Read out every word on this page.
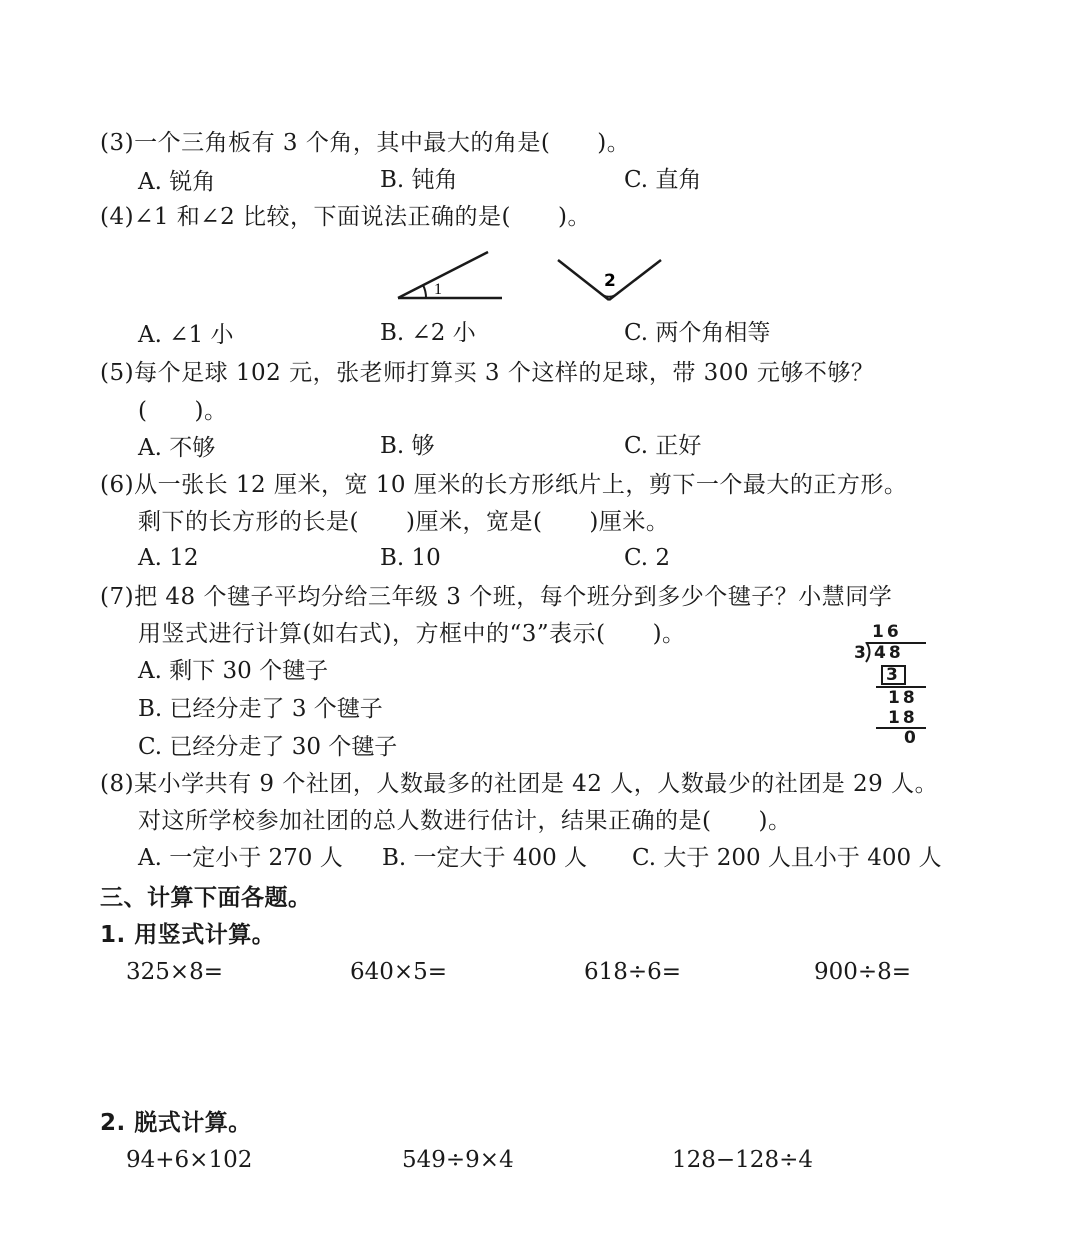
(3)一个三角板有 3 个角，其中最大的角是(　　)。
A. 锐角	B. 钝角	C. 直角
(4)∠1 和∠2 比较，下面说法正确的是(　　)。
1	2
A. ∠1 小	B. ∠2 小	C. 两个角相等
(5)每个足球 102 元，张老师打算买 3 个这样的足球，带 300 元够不够？
(　　)。
A. 不够	B. 够	C. 正好
(6)从一张长 12 厘米，宽 10 厘米的长方形纸片上，剪下一个最大的正方形。
剩下的长方形的长是(　　)厘米，宽是(　　)厘米。
A. 12	B. 10	C. 2
(7)把 48 个毽子平均分给三年级 3 个班，每个班分到多少个毽子？小慧同学
用竖式进行计算(如右式)，方框中的“3”表示(　　)。
A. 剩下 30 个毽子
B. 已经分走了 3 个毽子
C. 已经分走了 30 个毽子
16
3 48
3
18
18
0
(8)某小学共有 9 个社团，人数最多的社团是 42 人，人数最少的社团是 29 人。
对这所学校参加社团的总人数进行估计，结果正确的是(　　)。
A. 一定小于 270 人 B. 一定大于 400 人 C. 大于 200 人且小于 400 人
三、计算下面各题。
1. 用竖式计算。
325×8=	640×5=	618÷6=	900÷8=
2. 脱式计算。
94+6×102	549÷9×4	128−128÷4
